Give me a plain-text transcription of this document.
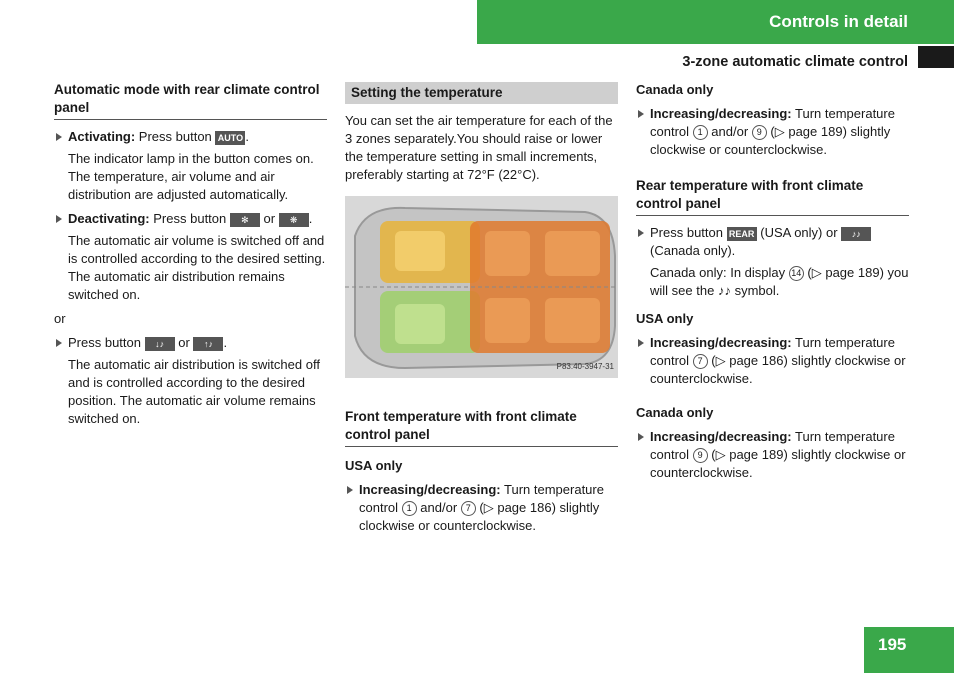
Controls in detail
3-zone automatic climate control
Automatic mode with rear climate control panel
Activating: Press button AUTO .
The indicator lamp in the button comes on. The temperature, air volume and air distribution are adjusted automatically.
Deactivating: Press button ✻ or ❋ .
The automatic air volume is switched off and is controlled according to the desired setting. The automatic air distribution remains switched on.
or
Press button ↓♪ or ↑♪ .
The automatic air distribution is switched off and is controlled according to the desired position. The automatic air volume remains switched on.
Setting the temperature
You can set the air temperature for each of the 3 zones separately.You should raise or lower the temperature setting in small increments, preferably starting at 72°F (22°C).
P83.40-3947-31
Front temperature with front climate control panel
USA only
Increasing/decreasing: Turn temperature control 1 and/or 7 (▷ page 186) slightly clockwise or counterclockwise.
Canada only
Increasing/decreasing: Turn temperature control 1 and/or 9 (▷ page 189) slightly clockwise or counterclockwise.
Rear temperature with front climate control panel
Press button REAR (USA only) or ♪♪ (Canada only).
Canada only: In display 14 (▷ page 189) you will see the ♪♪ symbol.
USA only
Increasing/decreasing: Turn temperature control 7 (▷ page 186) slightly clockwise or counterclockwise.
Canada only
Increasing/decreasing: Turn temperature control 9 (▷ page 189) slightly clockwise or counterclockwise.
195
